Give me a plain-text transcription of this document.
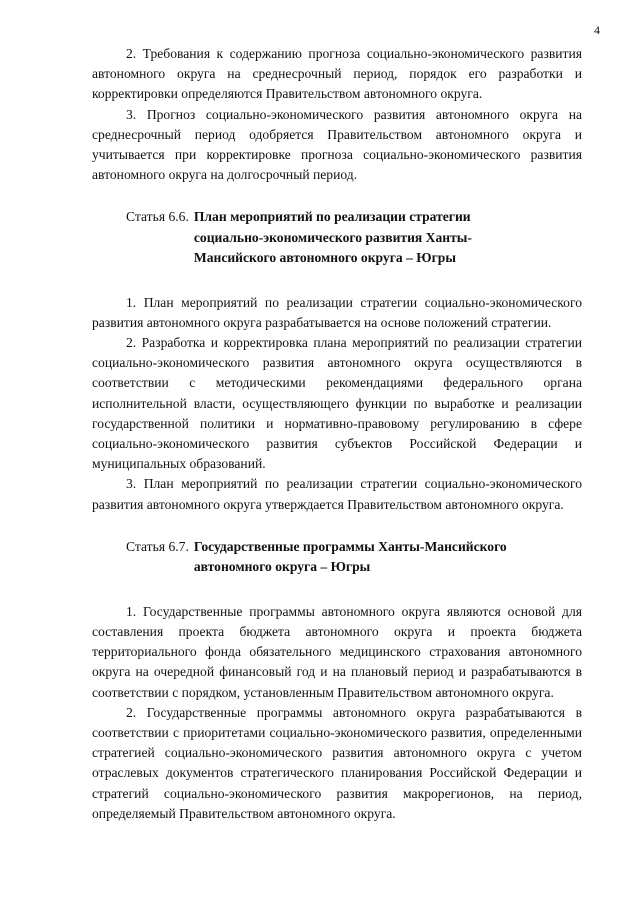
4

2. Требования к содержанию прогноза социально-экономического развития автономного округа на среднесрочный период, порядок его разработки и корректировки определяются Правительством автономного округа.

3. Прогноз социально-экономического развития автономного округа на среднесрочный период одобряется Правительством автономного округа и учитывается при корректировке прогноза социально-экономического развития автономного округа на долгосрочный период.

Статья 6.6. План мероприятий по реализации стратегии социально-экономического развития Ханты-Мансийского автономного округа – Югры

1. План мероприятий по реализации стратегии социально-экономического развития автономного округа разрабатывается на основе положений стратегии.

2. Разработка и корректировка плана мероприятий по реализации стратегии социально-экономического развития автономного округа осуществляются в соответствии с методическими рекомендациями федерального органа исполнительной власти, осуществляющего функции по выработке и реализации государственной политики и нормативно-правовому регулированию в сфере социально-экономического развития субъектов Российской Федерации и муниципальных образований.

3. План мероприятий по реализации стратегии социально-экономического развития автономного округа утверждается Правительством автономного округа.

Статья 6.7. Государственные программы Ханты-Мансийского автономного округа – Югры

1. Государственные программы автономного округа являются основой для составления проекта бюджета автономного округа и проекта бюджета территориального фонда обязательного медицинского страхования автономного округа на очередной финансовый год и на плановый период и разрабатываются в соответствии с порядком, установленным Правительством автономного округа.

2. Государственные программы автономного округа разрабатываются в соответствии с приоритетами социально-экономического развития, определенными стратегией социально-экономического развития автономного округа с учетом отраслевых документов стратегического планирования Российской Федерации и стратегий социально-экономического развития макрорегионов, на период, определяемый Правительством автономного округа.
